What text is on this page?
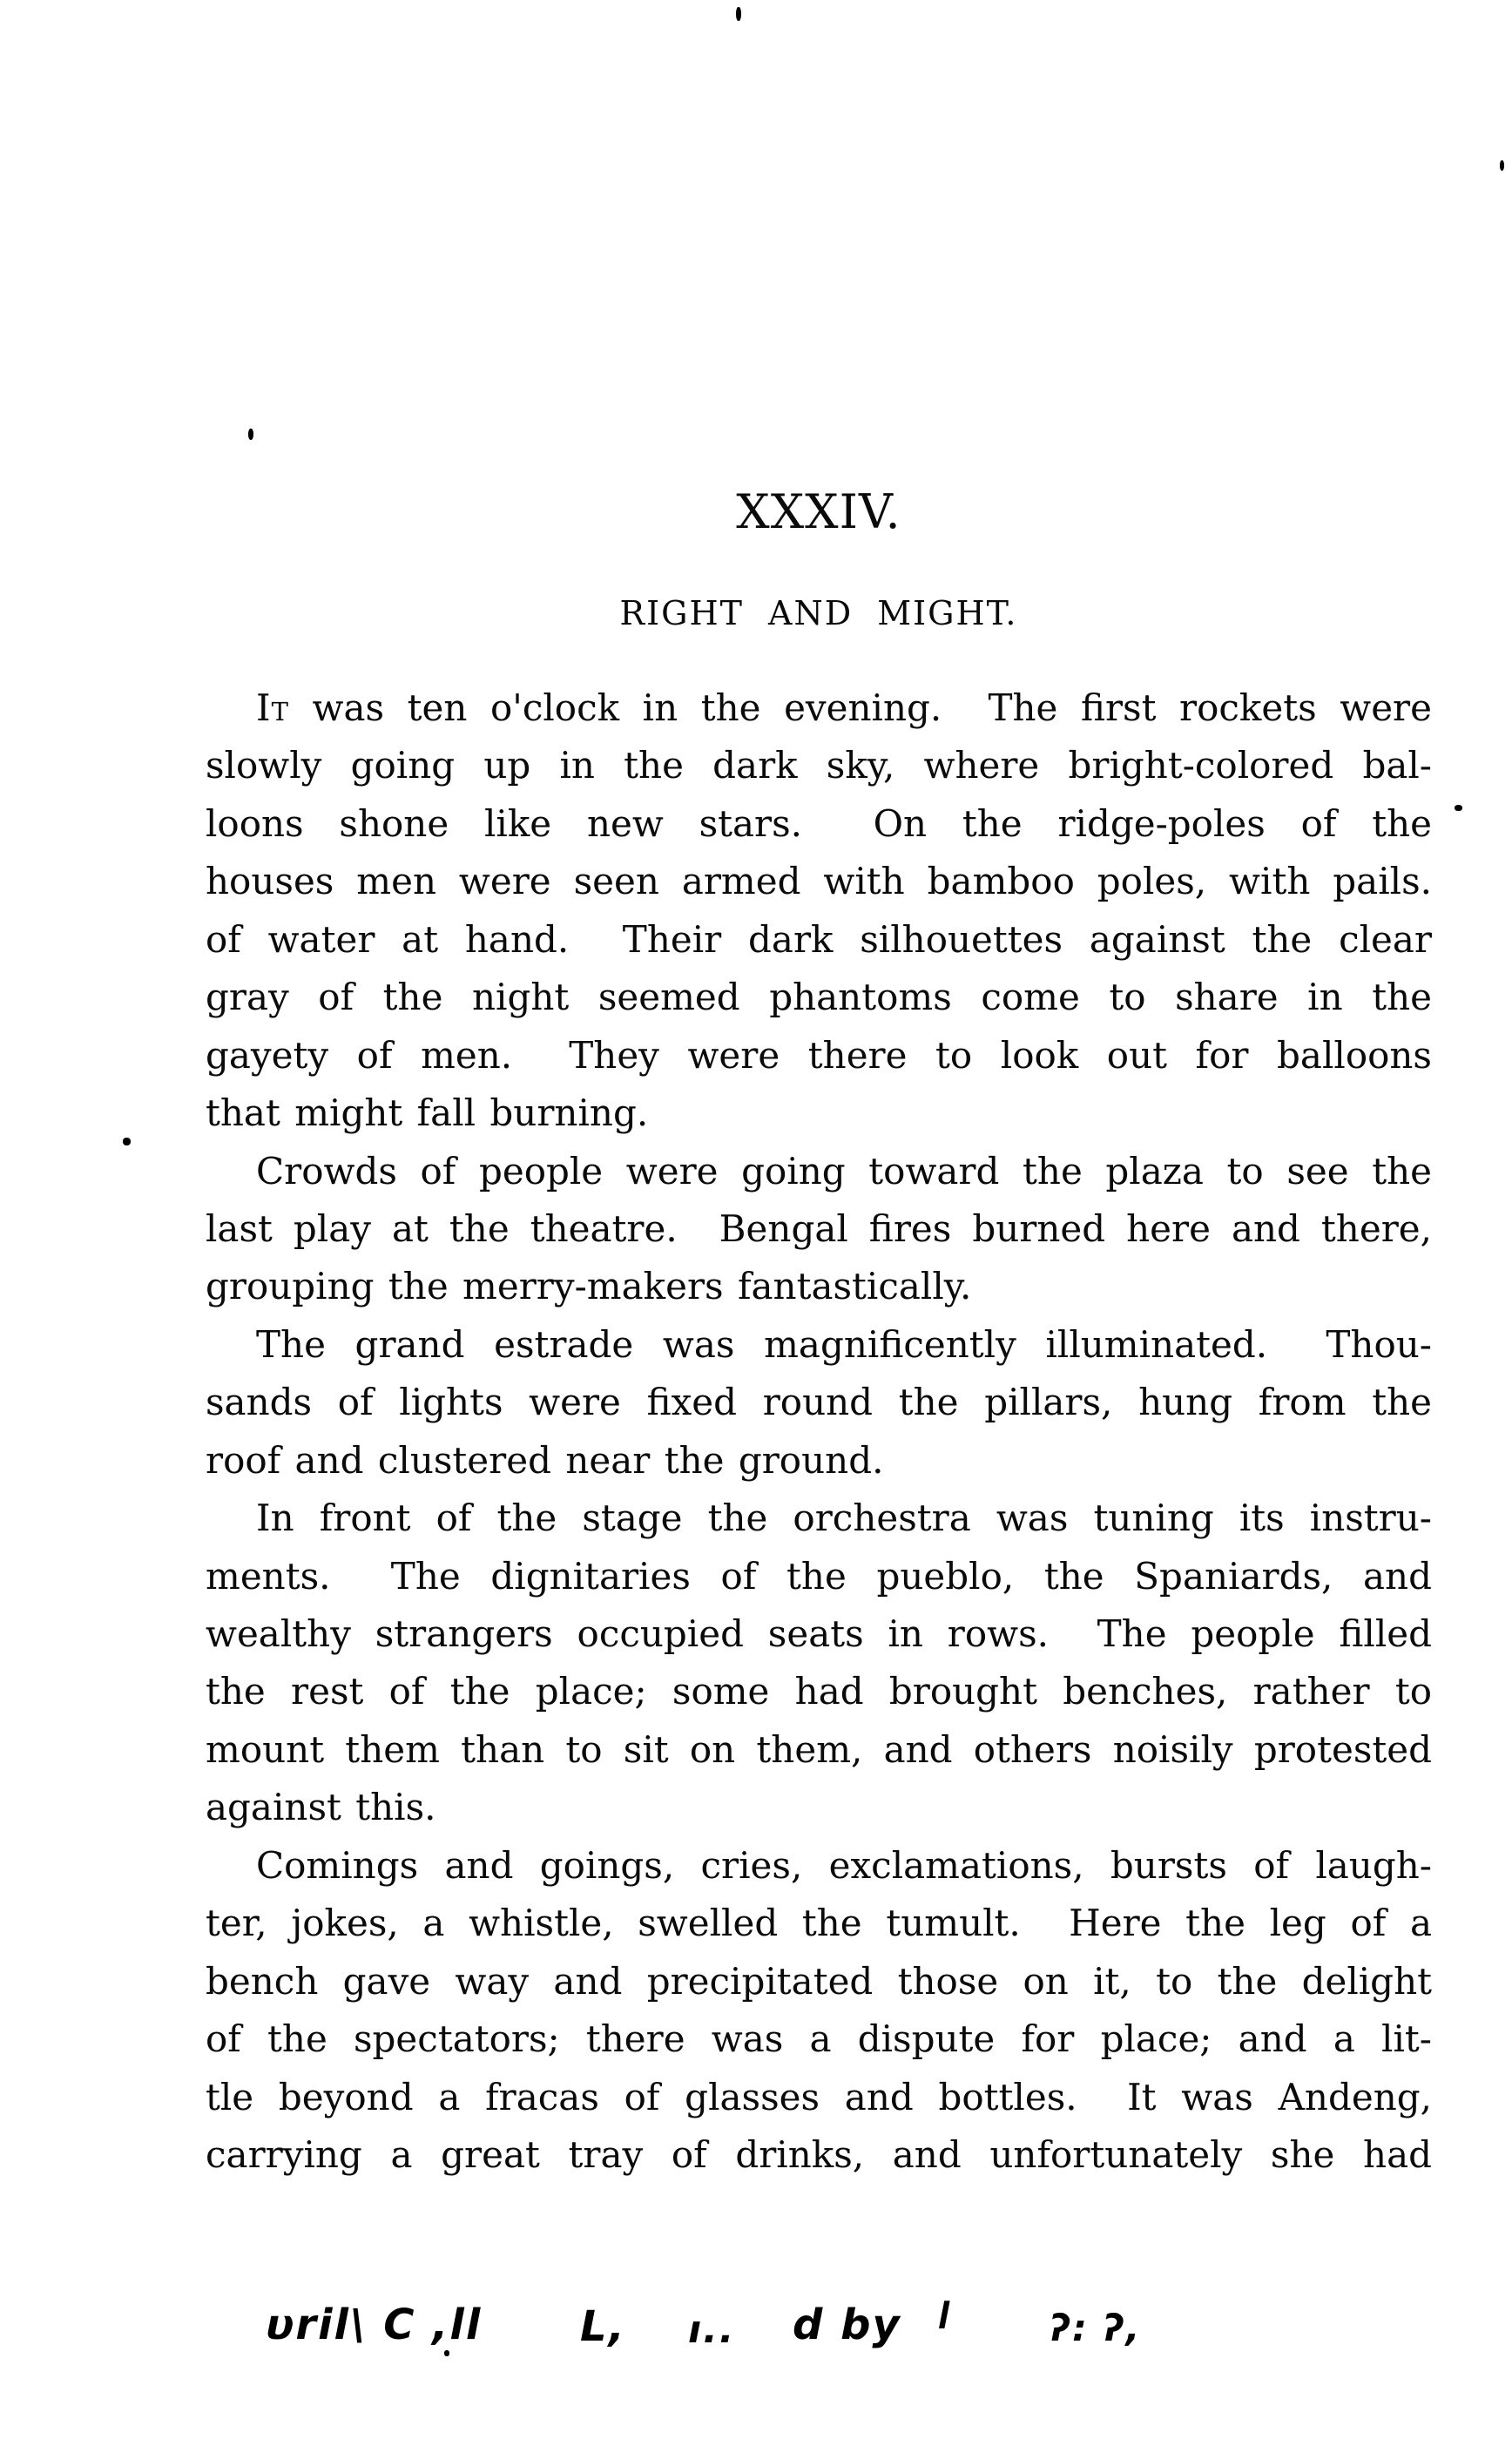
XXXIV.
RIGHT AND MIGHT.
It was ten o'clock in the evening.  The first rockets were
slowly going up in the dark sky, where bright-colored bal-
loons shone like new stars.  On the ridge-poles of the
houses men were seen armed with bamboo poles, with pails.
of water at hand.  Their dark silhouettes against the clear
gray of the night seemed phantoms come to share in the
gayety of men.  They were there to look out for balloons
that might fall burning.
Crowds of people were going toward the plaza to see the
last play at the theatre.  Bengal fires burned here and there,
grouping the merry-makers fantastically.
The grand estrade was magnificently illuminated.  Thou-
sands of lights were fixed round the pillars, hung from the
roof and clustered near the ground.
In front of the stage the orchestra was tuning its instru-
ments.  The dignitaries of the pueblo, the Spaniards, and
wealthy strangers occupied seats in rows.  The people filled
the rest of the place; some had brought benches, rather to
mount them than to sit on them, and others noisily protested
against this.
Comings and goings, cries, exclamations, bursts of laugh-
ter, jokes, a whistle, swelled the tumult.  Here the leg of a
bench gave way and precipitated those on it, to the delight
of the spectators; there was a dispute for place; and a lit-
tle beyond a fracas of glasses and bottles.  It was Andeng,
carrying a great tray of drinks, and unfortunately she had
υril\ C ,ll L, ı.. d by ǀ	ʔ: ʔ,
